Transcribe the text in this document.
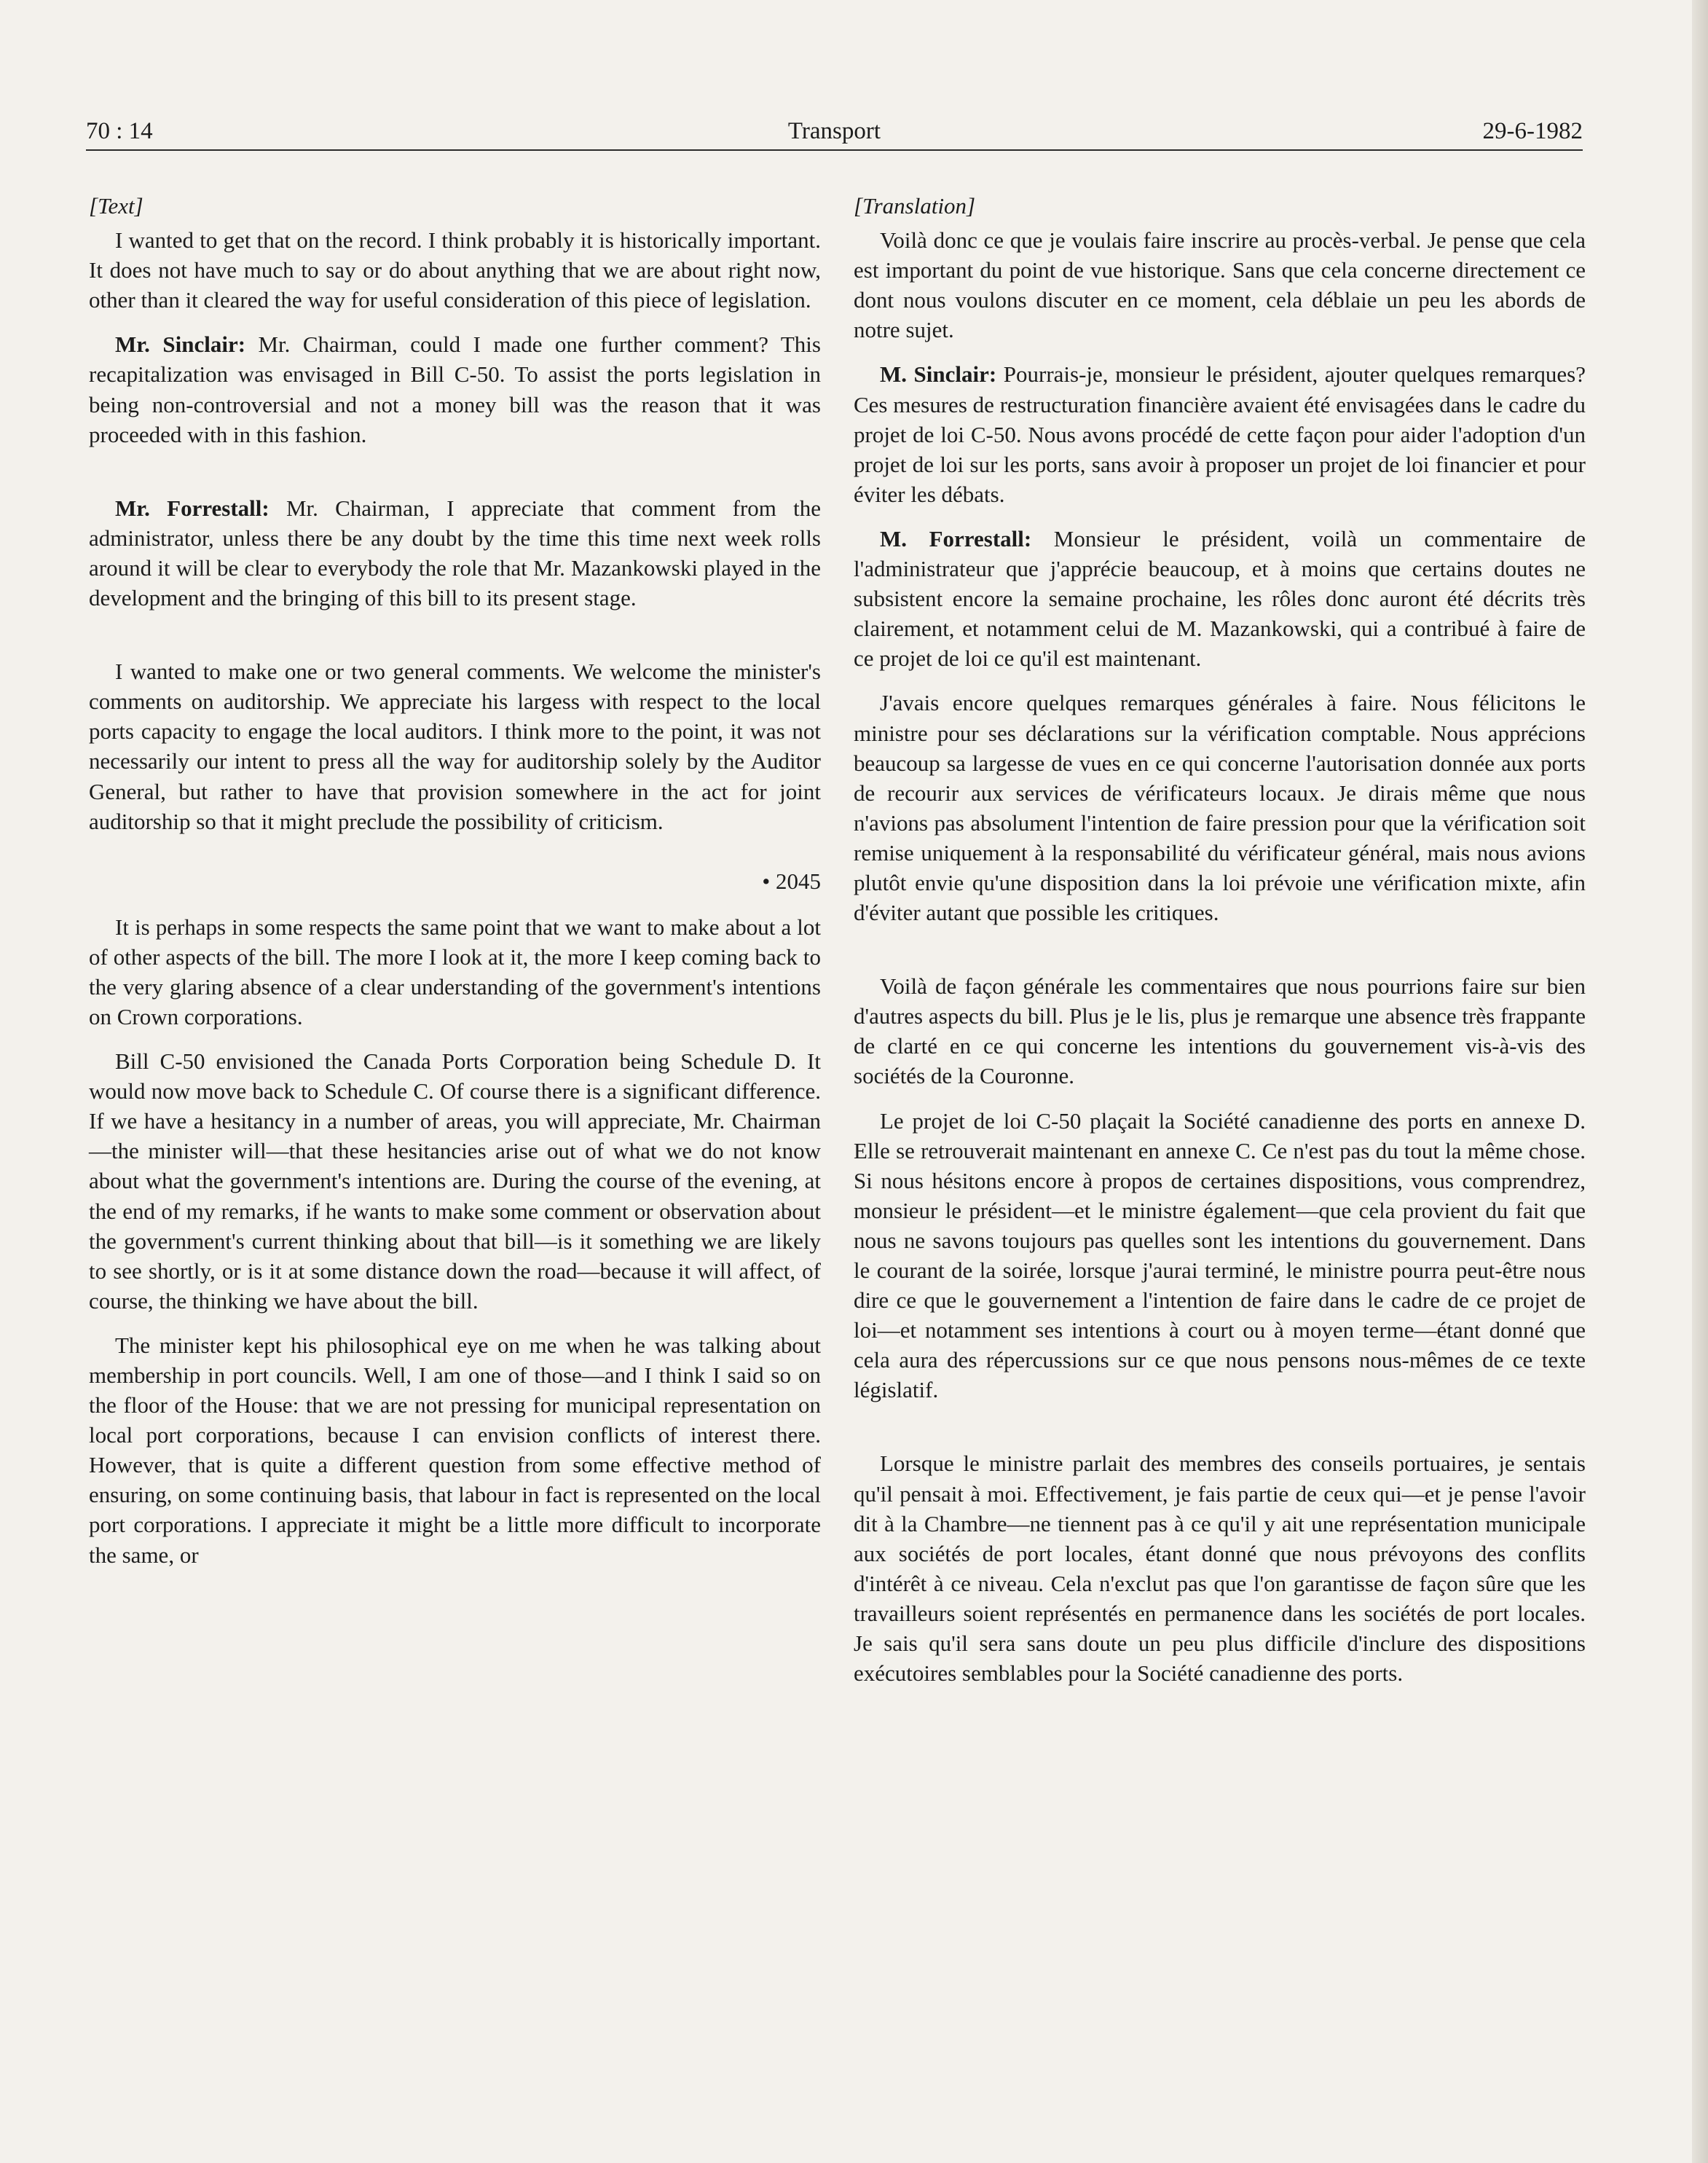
70 : 14	Transport	29-6-1982

[Text]

I wanted to get that on the record. I think probably it is historically important. It does not have much to say or do about anything that we are about right now, other than it cleared the way for useful consideration of this piece of legislation.

Mr. Sinclair: Mr. Chairman, could I made one further comment? This recapitalization was envisaged in Bill C-50. To assist the ports legislation in being non-controversial and not a money bill was the reason that it was proceeded with in this fashion.

Mr. Forrestall: Mr. Chairman, I appreciate that comment from the administrator, unless there be any doubt by the time this time next week rolls around it will be clear to everybody the role that Mr. Mazankowski played in the development and the bringing of this bill to its present stage.

I wanted to make one or two general comments. We welcome the minister's comments on auditorship. We appreciate his largess with respect to the local ports capacity to engage the local auditors. I think more to the point, it was not necessarily our intent to press all the way for auditorship solely by the Auditor General, but rather to have that provision somewhere in the act for joint auditorship so that it might preclude the possibility of criticism.

• 2045

It is perhaps in some respects the same point that we want to make about a lot of other aspects of the bill. The more I look at it, the more I keep coming back to the very glaring absence of a clear understanding of the government's intentions on Crown corporations.

Bill C-50 envisioned the Canada Ports Corporation being Schedule D. It would now move back to Schedule C. Of course there is a significant difference. If we have a hesitancy in a number of areas, you will appreciate, Mr. Chairman—the minister will—that these hesitancies arise out of what we do not know about what the government's intentions are. During the course of the evening, at the end of my remarks, if he wants to make some comment or observation about the government's current thinking about that bill—is it something we are likely to see shortly, or is it at some distance down the road—because it will affect, of course, the thinking we have about the bill.

The minister kept his philosophical eye on me when he was talking about membership in port councils. Well, I am one of those—and I think I said so on the floor of the House: that we are not pressing for municipal representation on local port corporations, because I can envision conflicts of interest there. However, that is quite a different question from some effective method of ensuring, on some continuing basis, that labour in fact is represented on the local port corporations. I appreciate it might be a little more difficult to incorporate the same, or

[Translation]

Voilà donc ce que je voulais faire inscrire au procès-verbal. Je pense que cela est important du point de vue historique. Sans que cela concerne directement ce dont nous voulons discuter en ce moment, cela déblaie un peu les abords de notre sujet.

M. Sinclair: Pourrais-je, monsieur le président, ajouter quelques remarques? Ces mesures de restructuration financière avaient été envisagées dans le cadre du projet de loi C-50. Nous avons procédé de cette façon pour aider l'adoption d'un projet de loi sur les ports, sans avoir à proposer un projet de loi financier et pour éviter les débats.

M. Forrestall: Monsieur le président, voilà un commentaire de l'administrateur que j'apprécie beaucoup, et à moins que certains doutes ne subsistent encore la semaine prochaine, les rôles donc auront été décrits très clairement, et notamment celui de M. Mazankowski, qui a contribué à faire de ce projet de loi ce qu'il est maintenant.

J'avais encore quelques remarques générales à faire. Nous félicitons le ministre pour ses déclarations sur la vérification comptable. Nous apprécions beaucoup sa largesse de vues en ce qui concerne l'autorisation donnée aux ports de recourir aux services de vérificateurs locaux. Je dirais même que nous n'avions pas absolument l'intention de faire pression pour que la vérification soit remise uniquement à la responsabilité du vérificateur général, mais nous avions plutôt envie qu'une disposition dans la loi prévoie une vérification mixte, afin d'éviter autant que possible les critiques.

Voilà de façon générale les commentaires que nous pourrions faire sur bien d'autres aspects du bill. Plus je le lis, plus je remarque une absence très frappante de clarté en ce qui concerne les intentions du gouvernement vis-à-vis des sociétés de la Couronne.

Le projet de loi C-50 plaçait la Société canadienne des ports en annexe D. Elle se retrouverait maintenant en annexe C. Ce n'est pas du tout la même chose. Si nous hésitons encore à propos de certaines dispositions, vous comprendrez, monsieur le président—et le ministre également—que cela provient du fait que nous ne savons toujours pas quelles sont les intentions du gouvernement. Dans le courant de la soirée, lorsque j'aurai terminé, le ministre pourra peut-être nous dire ce que le gouvernement a l'intention de faire dans le cadre de ce projet de loi—et notamment ses intentions à court ou à moyen terme—étant donné que cela aura des répercussions sur ce que nous pensons nous-mêmes de ce texte législatif.

Lorsque le ministre parlait des membres des conseils portuaires, je sentais qu'il pensait à moi. Effectivement, je fais partie de ceux qui—et je pense l'avoir dit à la Chambre—ne tiennent pas à ce qu'il y ait une représentation municipale aux sociétés de port locales, étant donné que nous prévoyons des conflits d'intérêt à ce niveau. Cela n'exclut pas que l'on garantisse de façon sûre que les travailleurs soient représentés en permanence dans les sociétés de port locales. Je sais qu'il sera sans doute un peu plus difficile d'inclure des dispositions exécutoires semblables pour la Société canadienne des ports.
